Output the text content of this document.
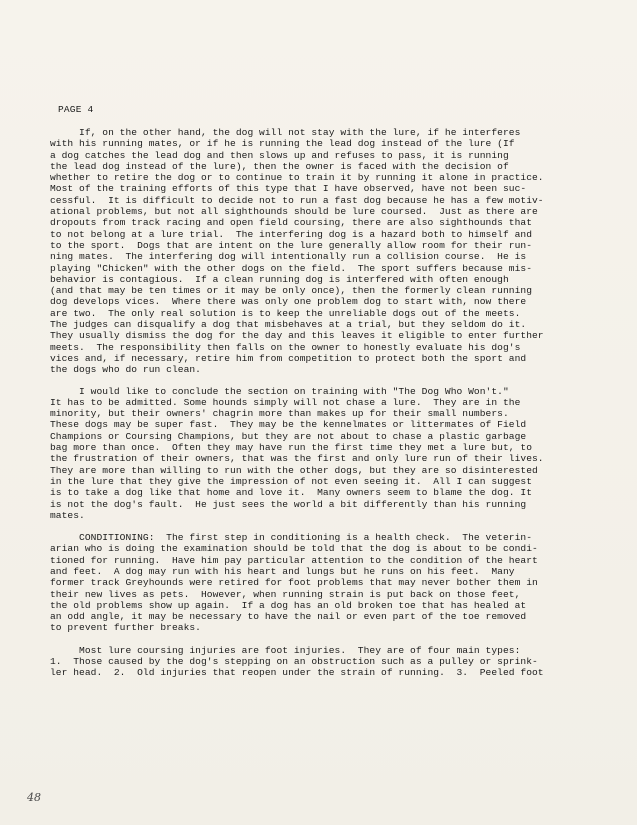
PAGE 4

If, on the other hand, the dog will not stay with the lure, if he interferes
with his running mates, or if he is running the lead dog instead of the lure (If
a dog catches the lead dog and then slows up and refuses to pass, it is running
the lead dog instead of the lure), then the owner is faced with the decision of
whether to retire the dog or to continue to train it by running it alone in practice.
Most of the training efforts of this type that I have observed, have not been suc-
cessful.  It is difficult to decide not to run a fast dog because he has a few motiv-
ational problems, but not all sighthounds should be lure coursed.  Just as there are
dropouts from track racing and open field coursing, there are also sighthounds that
to not belong at a lure trial.  The interfering dog is a hazard both to himself and
to the sport.  Dogs that are intent on the lure generally allow room for their run-
ning mates.  The interfering dog will intentionally run a collision course.  He is
playing "Chicken" with the other dogs on the field.  The sport suffers because mis-
behavior is contagious.  If a clean running dog is interfered with often enough
(and that may be ten times or it may be only once), then the formerly clean running
dog develops vices.  Where there was only one problem dog to start with, now there
are two.  The only real solution is to keep the unreliable dogs out of the meets.
The judges can disqualify a dog that misbehaves at a trial, but they seldom do it.
They usually dismiss the dog for the day and this leaves it eligible to enter further
meets.  The responsibility then falls on the owner to honestly evaluate his dog's
vices and, if necessary, retire him from competition to protect both the sport and
the dogs who do run clean.

I would like to conclude the section on training with "The Dog Who Won't."
It has to be admitted. Some hounds simply will not chase a lure.  They are in the
minority, but their owners' chagrin more than makes up for their small numbers.
These dogs may be super fast.  They may be the kennelmates or littermates of Field
Champions or Coursing Champions, but they are not about to chase a plastic garbage
bag more than once.  Often they may have run the first time they met a lure but, to
the frustration of their owners, that was the first and only lure run of their lives.
They are more than willing to run with the other dogs, but they are so disinterested
in the lure that they give the impression of not even seeing it.  All I can suggest
is to take a dog like that home and love it.  Many owners seem to blame the dog. It
is not the dog's fault.  He just sees the world a bit differently than his running
mates.

CONDITIONING:  The first step in conditioning is a health check.  The veterin-
arian who is doing the examination should be told that the dog is about to be condi-
tioned for running.  Have him pay particular attention to the condition of the heart
and feet.  A dog may run with his heart and lungs but he runs on his feet.  Many
former track Greyhounds were retired for foot problems that may never bother them in
their new lives as pets.  However, when running strain is put back on those feet,
the old problems show up again.  If a dog has an old broken toe that has healed at
an odd angle, it may be necessary to have the nail or even part of the toe removed
to prevent further breaks.

Most lure coursing injuries are foot injuries.  They are of four main types:
1.  Those caused by the dog's stepping on an obstruction such as a pulley or sprink-
ler head.  2.  Old injuries that reopen under the strain of running.  3.  Peeled foot

48
